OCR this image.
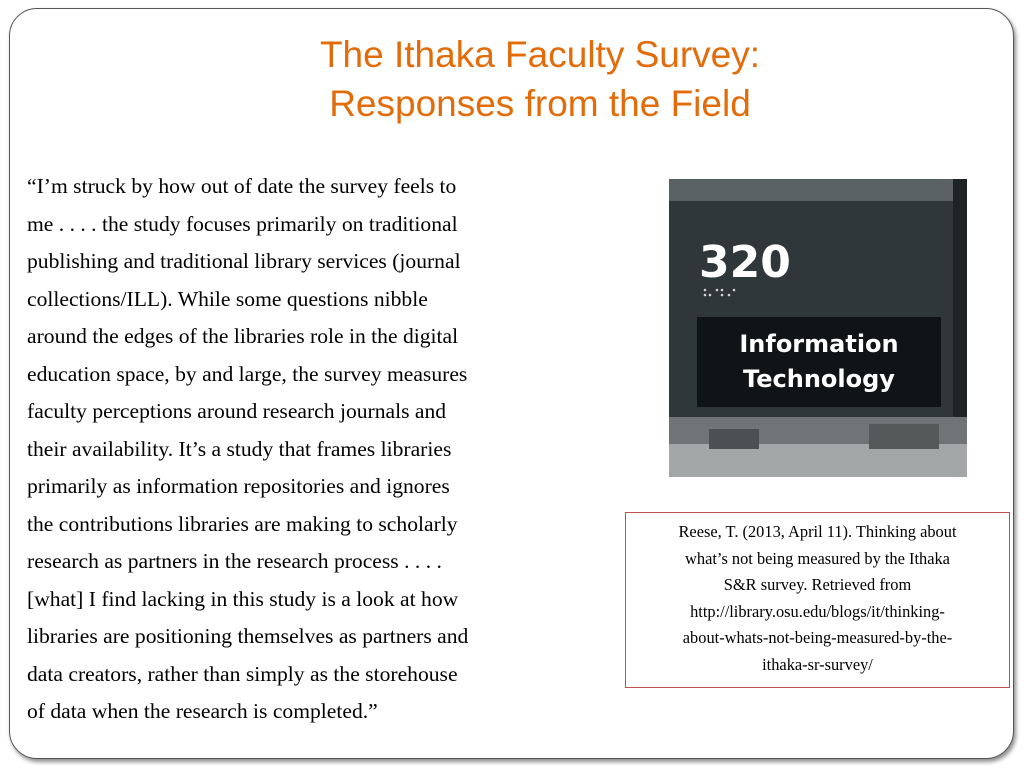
The Ithaka Faculty Survey:
Responses from the Field

“I’m struck by how out of date the survey feels to
me . . . . the study focuses primarily on traditional
publishing and traditional library services (journal
collections/ILL). While some questions nibble
around the edges of the libraries role in the digital
education space, by and large, the survey measures
faculty perceptions around research journals and
their availability. It’s a study that frames libraries
primarily as information repositories and ignores
the contributions libraries are making to scholarly
research as partners in the research process . . . .
[what] I find lacking in this study is a look at how
libraries are positioning themselves as partners and
data creators, rather than simply as the storehouse
of data when the research is completed.”

320
Information
Technology
Reese, T. (2013, April 11). Thinking about
what’s not being measured by the Ithaka
S&R survey. Retrieved from
http://library.osu.edu/blogs/it/thinking-
about-whats-not-being-measured-by-the-
ithaka-sr-survey/
